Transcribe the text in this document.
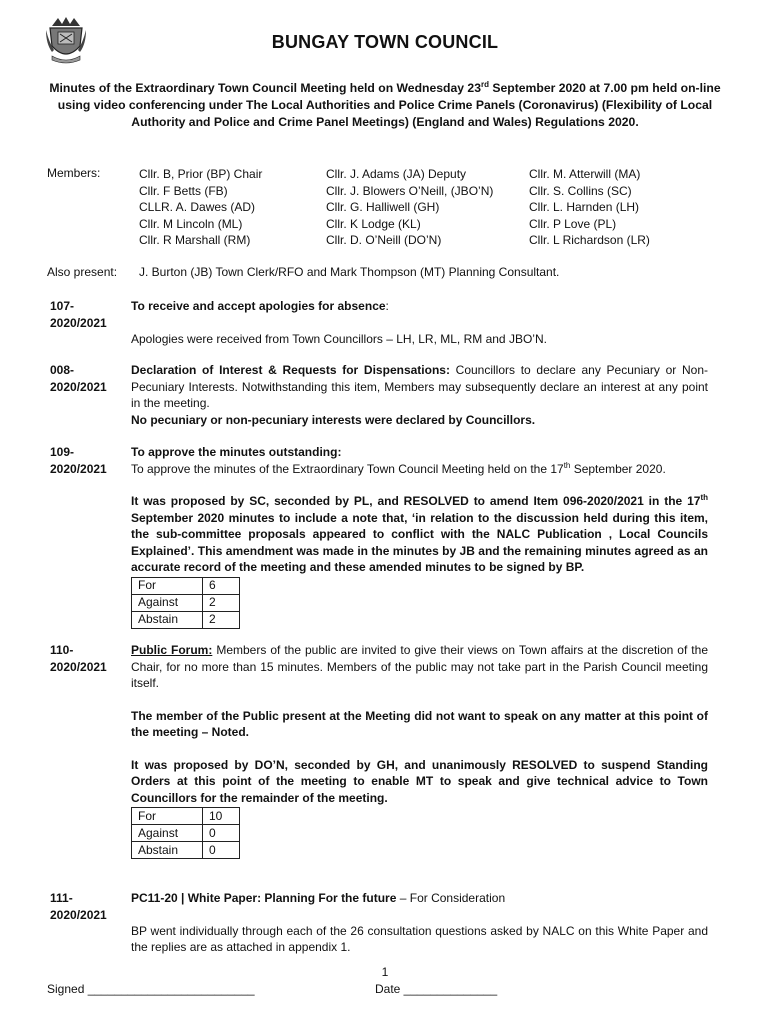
BUNGAY TOWN COUNCIL
Minutes of the Extraordinary Town Council Meeting held on Wednesday 23rd September 2020 at 7.00 pm held on-line using video conferencing under The Local Authorities and Police Crime Panels (Coronavirus) (Flexibility of Local Authority and Police and Crime Panel Meetings) (England and Wales) Regulations 2020.
Members:	Cllr. B, Prior (BP) Chair	Cllr. J. Adams (JA) Deputy	Cllr. M. Atterwill (MA)
Cllr. F Betts (FB)	Cllr. J. Blowers O’Neill, (JBO’N)	Cllr. S. Collins (SC)
CLLR. A. Dawes (AD)	Cllr. G. Halliwell (GH)	Cllr. L. Harnden (LH)
Cllr. M Lincoln (ML)	Cllr. K Lodge (KL)	Cllr. P Love (PL)
Cllr. R Marshall (RM)	Cllr. D. O’Neill (DO’N)	Cllr. L Richardson (LR)
Also present: J. Burton (JB) Town Clerk/RFO and Mark Thompson (MT) Planning Consultant.
107-
2020/2021
To receive and accept apologies for absence:
Apologies were received from Town Councillors – LH, LR, ML, RM and JBO’N.
008-
2020/2021
Declaration of Interest & Requests for Dispensations: Councillors to declare any Pecuniary or Non-Pecuniary Interests. Notwithstanding this item, Members may subsequently declare an interest at any point in the meeting.
No pecuniary or non-pecuniary interests were declared by Councillors.
109-
2020/2021
To approve the minutes outstanding:
To approve the minutes of the Extraordinary Town Council Meeting held on the 17th September 2020.
It was proposed by SC, seconded by PL, and RESOLVED to amend Item 096-2020/2021 in the 17th September 2020 minutes to include a note that, ‘in relation to the discussion held during this item, the sub-committee proposals appeared to conflict with the NALC Publication , Local Councils Explained’. This amendment was made in the minutes by JB and the remaining minutes agreed as an accurate record of the meeting and these amended minutes to be signed by BP.
For	6
Against	2
Abstain	2
110-
2020/2021
Public Forum: Members of the public are invited to give their views on Town affairs at the discretion of the Chair, for no more than 15 minutes. Members of the public may not take part in the Parish Council meeting itself.
The member of the Public present at the Meeting did not want to speak on any matter at this point of the meeting – Noted.
It was proposed by DO’N, seconded by GH, and unanimously RESOLVED to suspend Standing Orders at this point of the meeting to enable MT to speak and give technical advice to Town Councillors for the remainder of the meeting.
For	10
Against	0
Abstain	0
111-
2020/2021
PC11-20 | White Paper: Planning For the future – For Consideration
BP went individually through each of the 26 consultation questions asked by NALC on this White Paper and the replies are as attached in appendix 1.
1
Signed _________________________	Date ______________
